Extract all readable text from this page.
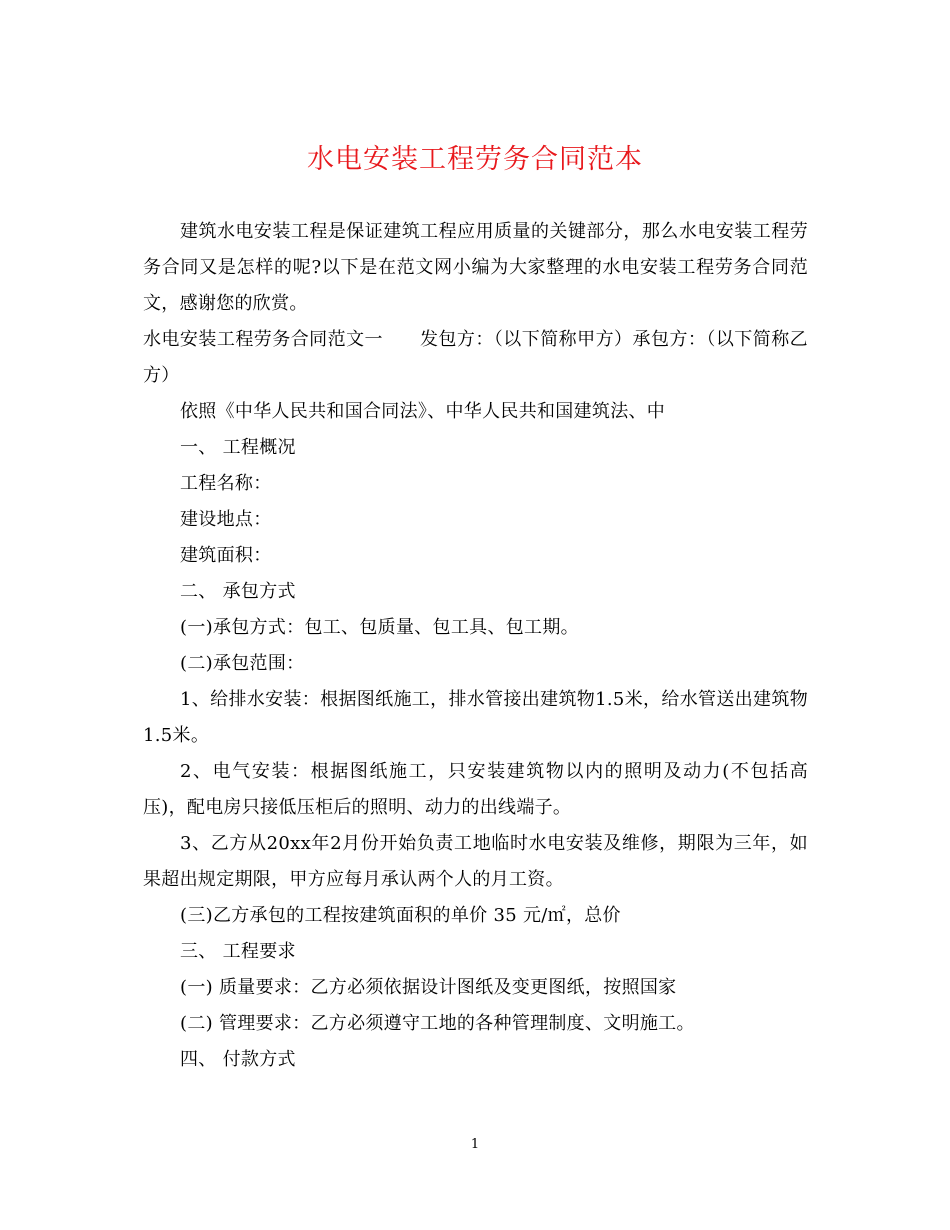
水电安装工程劳务合同范本

建筑水电安装工程是保证建筑工程应用质量的关键部分，那么水电安装工程劳务合同又是怎样的呢?以下是在范文网小编为大家整理的水电安装工程劳务合同范文，感谢您的欣赏。

水电安装工程劳务合同范文一　　发包方：（以下简称甲方）承包方：（以下简称乙方）

依照《中华人民共和国合同法》、中华人民共和国建筑法、中

一、 工程概况

工程名称：

建设地点：

建筑面积：

二、 承包方式

(一)承包方式：包工、包质量、包工具、包工期。

(二)承包范围：

1、给排水安装：根据图纸施工，排水管接出建筑物1.5米，给水管送出建筑物1.5米。

2、电气安装：根据图纸施工，只安装建筑物以内的照明及动力(不包括高压)，配电房只接低压柜后的照明、动力的出线端子。

3、乙方从20xx年2月份开始负责工地临时水电安装及维修，期限为三年，如果超出规定期限，甲方应每月承认两个人的月工资。

(三)乙方承包的工程按建筑面积的单价 35 元/㎡，总价

三、 工程要求

(一) 质量要求：乙方必须依据设计图纸及变更图纸，按照国家

(二) 管理要求：乙方必须遵守工地的各种管理制度、文明施工。

四、 付款方式

1
